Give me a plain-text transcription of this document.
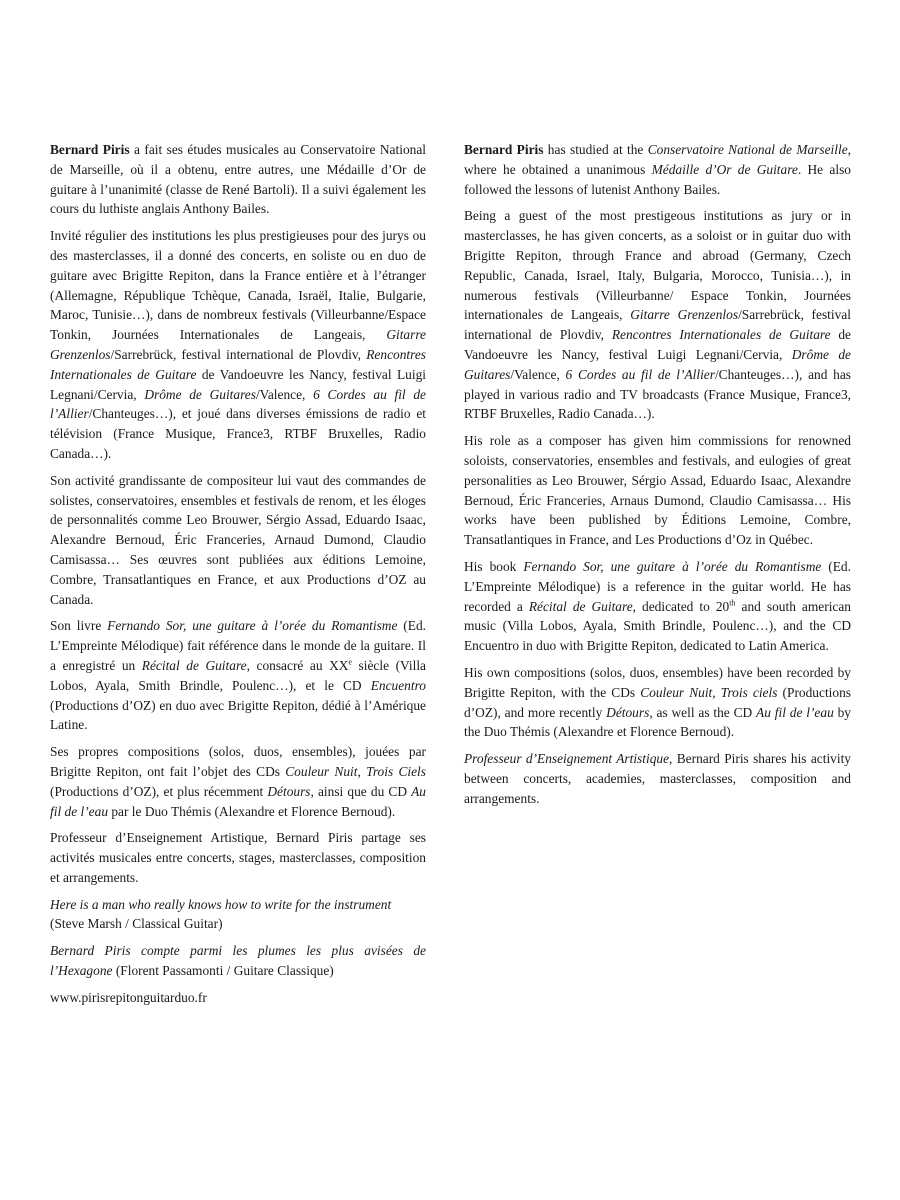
Bernard Piris a fait ses études musicales au Conservatoire National de Marseille, où il a obtenu, entre autres, une Médaille d’Or de guitare à l’unanimité (classe de René Bartoli). Il a suivi également les cours du luthiste anglais Anthony Bailes.

Invité régulier des institutions les plus prestigieuses pour des jurys ou des masterclasses, il a donné des concerts, en soliste ou en duo de guitare avec Brigitte Repiton, dans la France entière et à l’étranger (Allemagne, République Tchèque, Canada, Israël, Italie, Bulgarie, Maroc, Tunisie…), dans de nombreux festivals (Villeurbanne/Espace Tonkin, Journées Internationales de Langeais, Gitarre Grenzenlos/Sarrebrück, festival international de Plovdiv, Rencontres Internationales de Guitare de Vandoeuvre les Nancy, festival Luigi Legnani/Cervia, Drôme de Guitares/Valence, 6 Cordes au fil de l’Allier/Chanteuges…), et joué dans diverses émissions de radio et télévision (France Musique, France3, RTBF Bruxelles, Radio Canada…).

Son activité grandissante de compositeur lui vaut des commandes de solistes, conservatoires, ensembles et festivals de renom, et les éloges de personnalités comme Leo Brouwer, Sérgio Assad, Eduardo Isaac, Alexandre Bernoud, Éric Franceries, Arnaud Dumond, Claudio Camisassa… Ses œuvres sont publiées aux éditions Lemoine, Combre, Transatlantiques en France, et aux Productions d’OZ au Canada.

Son livre Fernando Sor, une guitare à l’orée du Romantisme (Ed. L’Empreinte Mélodique) fait référence dans le monde de la guitare. Il a enregistré un Récital de Guitare, consacré au XXe siècle (Villa Lobos, Ayala, Smith Brindle, Poulenc…), et le CD Encuentro (Productions d’OZ) en duo avec Brigitte Repiton, dédié à l’Amérique Latine.

Ses propres compositions (solos, duos, ensembles), jouées par Brigitte Repiton, ont fait l’objet des CDs Couleur Nuit, Trois Ciels (Productions d’OZ), et plus récemment Détours, ainsi que du CD Au fil de l’eau par le Duo Thémis (Alexandre et Florence Bernoud).

Professeur d’Enseignement Artistique, Bernard Piris partage ses activités musicales entre concerts, stages, masterclasses, composition et arrangements.

Here is a man who really knows how to write for the instrument
(Steve Marsh / Classical Guitar)

Bernard Piris compte parmi les plumes les plus avisées de l’Hexagone (Florent Passamonti / Guitare Classique)

www.pirisrepitonguitarduo.fr

Bernard Piris has studied at the Conservatoire National de Marseille, where he obtained a unanimous Médaille d’Or de Guitare. He also followed the lessons of lutenist Anthony Bailes.

Being a guest of the most prestigeous institutions as jury or in masterclasses, he has given concerts, as a soloist or in guitar duo with Brigitte Repiton, through France and abroad (Germany, Czech Republic, Canada, Israel, Italy, Bulgaria, Morocco, Tunisia…), in numerous festivals (Villeurbanne/ Espace Tonkin, Journées internationales de Langeais, Gitarre Grenzenlos/Sarrebrück, festival international de Plovdiv, Rencontres Internationales de Guitare de Vandoeuvre les Nancy, festival Luigi Legnani/Cervia, Drôme de Guitares/Valence, 6 Cordes au fil de l’Allier/Chanteuges…), and has played in various radio and TV broadcasts (France Musique, France3, RTBF Bruxelles, Radio Canada…).

His role as a composer has given him commissions for renowned soloists, conservatories, ensembles and festivals, and eulogies of great personalities as Leo Brouwer, Sérgio Assad, Eduardo Isaac, Alexandre Bernoud, Éric Franceries, Arnaus Dumond, Claudio Camisassa… His works have been published by Éditions Lemoine, Combre, Transatlantiques in France, and Les Productions d’Oz in Québec.

His book Fernando Sor, une guitare à l’orée du Romantisme (Ed. L’Empreinte Mélodique) is a reference in the guitar world. He has recorded a Récital de Guitare, dedicated to 20th and south american music (Villa Lobos, Ayala, Smith Brindle, Poulenc…), and the CD Encuentro in duo with Brigitte Repiton, dedicated to Latin America.

His own compositions (solos, duos, ensembles) have been recorded by Brigitte Repiton, with the CDs Couleur Nuit, Trois ciels (Productions d’OZ), and more recently Détours, as well as the CD Au fil de l’eau by the Duo Thémis (Alexandre et Florence Bernoud).

Professeur d’Enseignement Artistique, Bernard Piris shares his activity between concerts, academies, masterclasses, composition and arrangements.
